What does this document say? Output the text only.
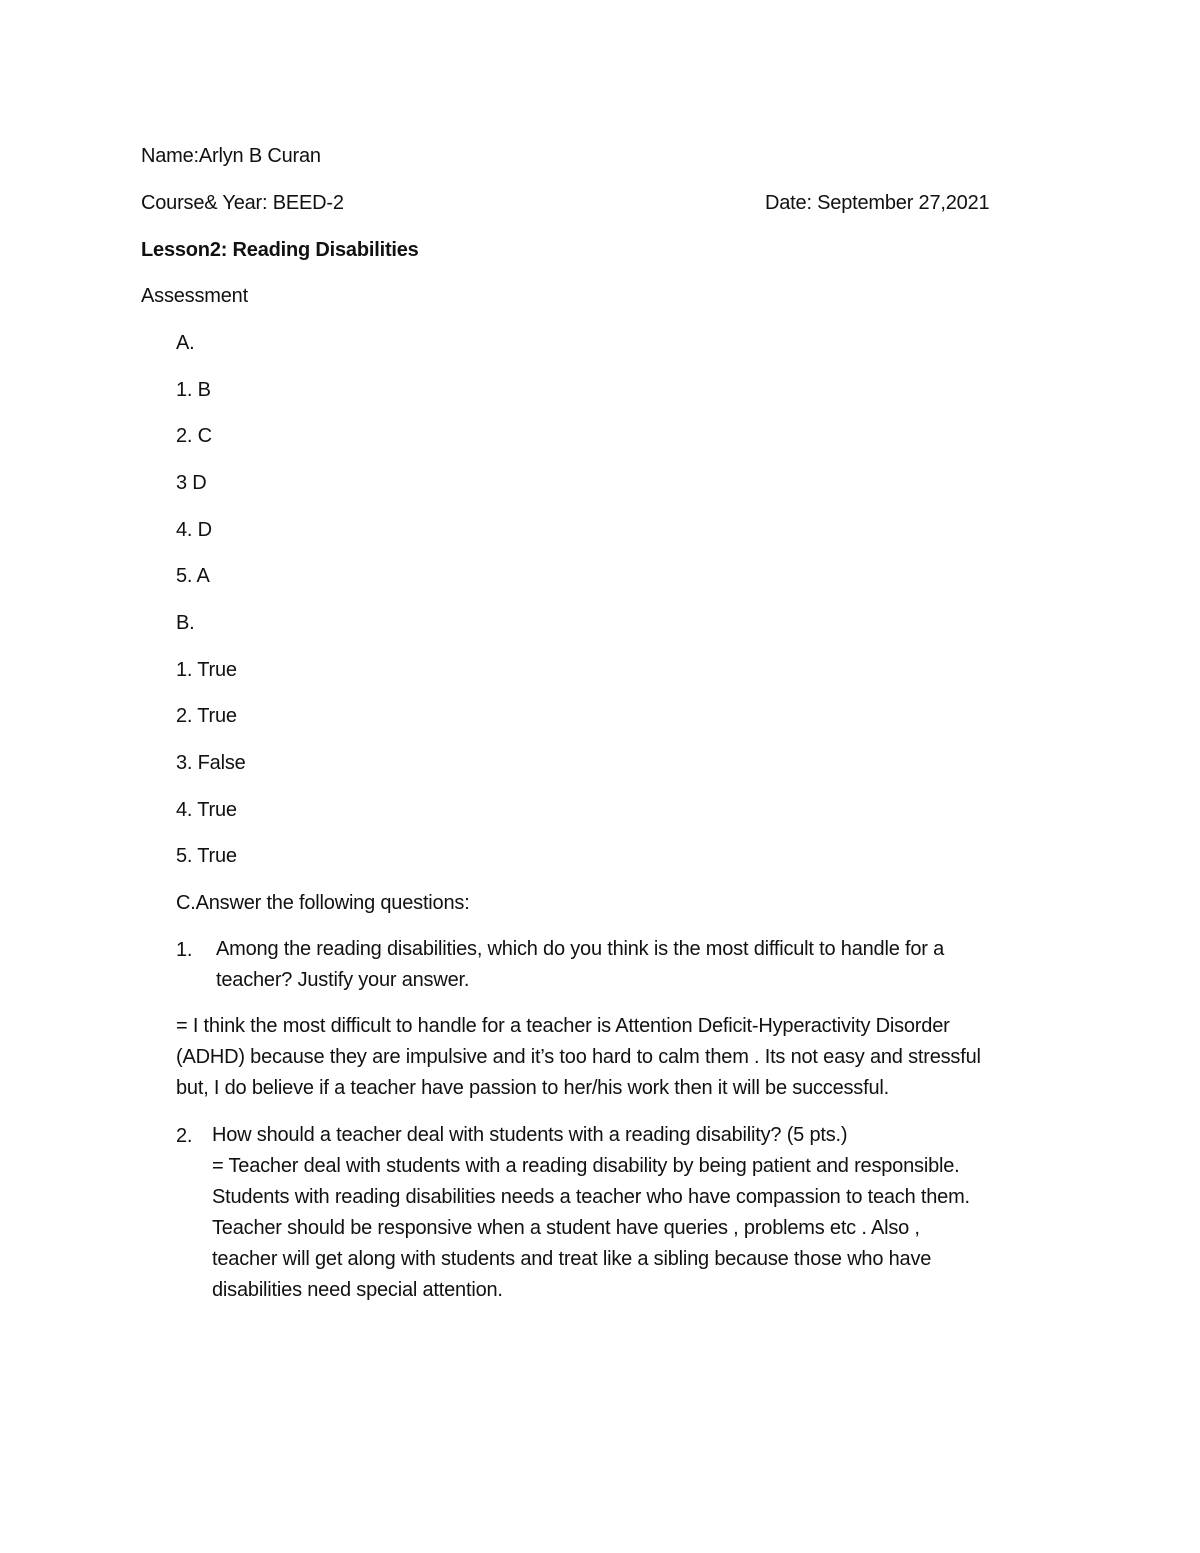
Name:Arlyn B Curan
Course& Year: BEED-2	Date: September 27,2021
Lesson2: Reading Disabilities
Assessment
A.
1. B
2. C
3 D
4. D
5. A
B.
1. True
2. True
3. False
4. True
5. True
C.Answer the following questions:
1. Among the reading disabilities, which do you think is the most difficult to handle for a
teacher? Justify your answer.
= I think the most difficult to handle for a teacher is Attention Deficit-Hyperactivity Disorder
(ADHD) because they are impulsive and it’s too hard to calm them . Its not easy and stressful
but, I do believe if a teacher have passion to her/his work then it will be successful.
2. How should a teacher deal with students with a reading disability? (5 pts.)
= Teacher deal with students with a reading disability by being patient and responsible.
Students with reading disabilities needs a teacher who have compassion to teach them.
Teacher should be responsive when a student have queries , problems etc . Also ,
teacher will get along with students and treat like a sibling because those who have
disabilities need special attention.
